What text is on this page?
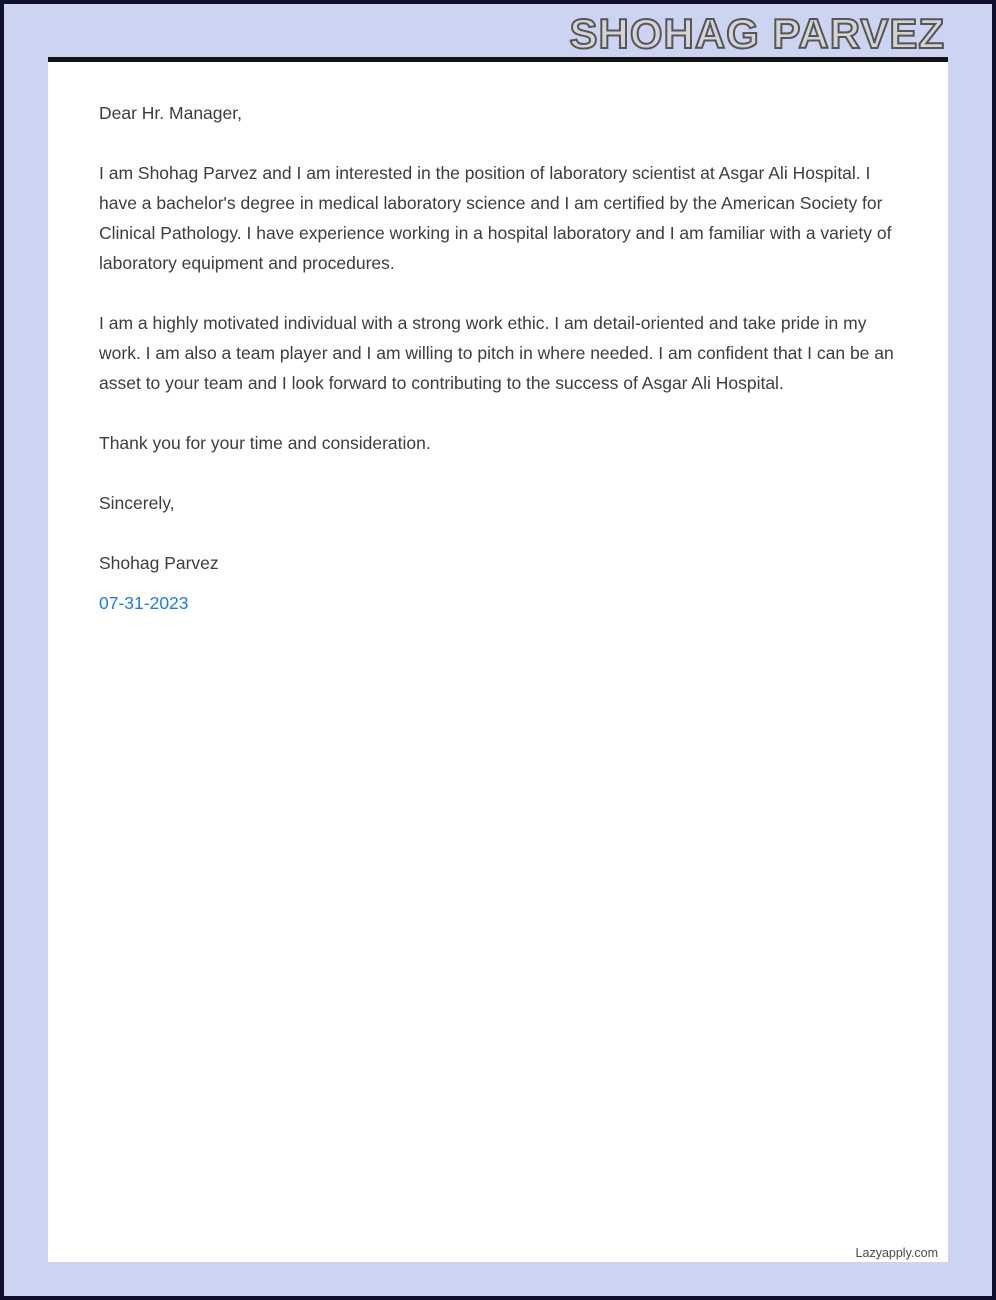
SHOHAG PARVEZ

Dear Hr. Manager,

I am Shohag Parvez and I am interested in the position of laboratory scientist at Asgar Ali Hospital. I have a bachelor's degree in medical laboratory science and I am certified by the American Society for Clinical Pathology. I have experience working in a hospital laboratory and I am familiar with a variety of laboratory equipment and procedures.

I am a highly motivated individual with a strong work ethic. I am detail-oriented and take pride in my work. I am also a team player and I am willing to pitch in where needed. I am confident that I can be an asset to your team and I look forward to contributing to the success of Asgar Ali Hospital.

Thank you for your time and consideration.

Sincerely,

Shohag Parvez

07-31-2023

Lazyapply.com
